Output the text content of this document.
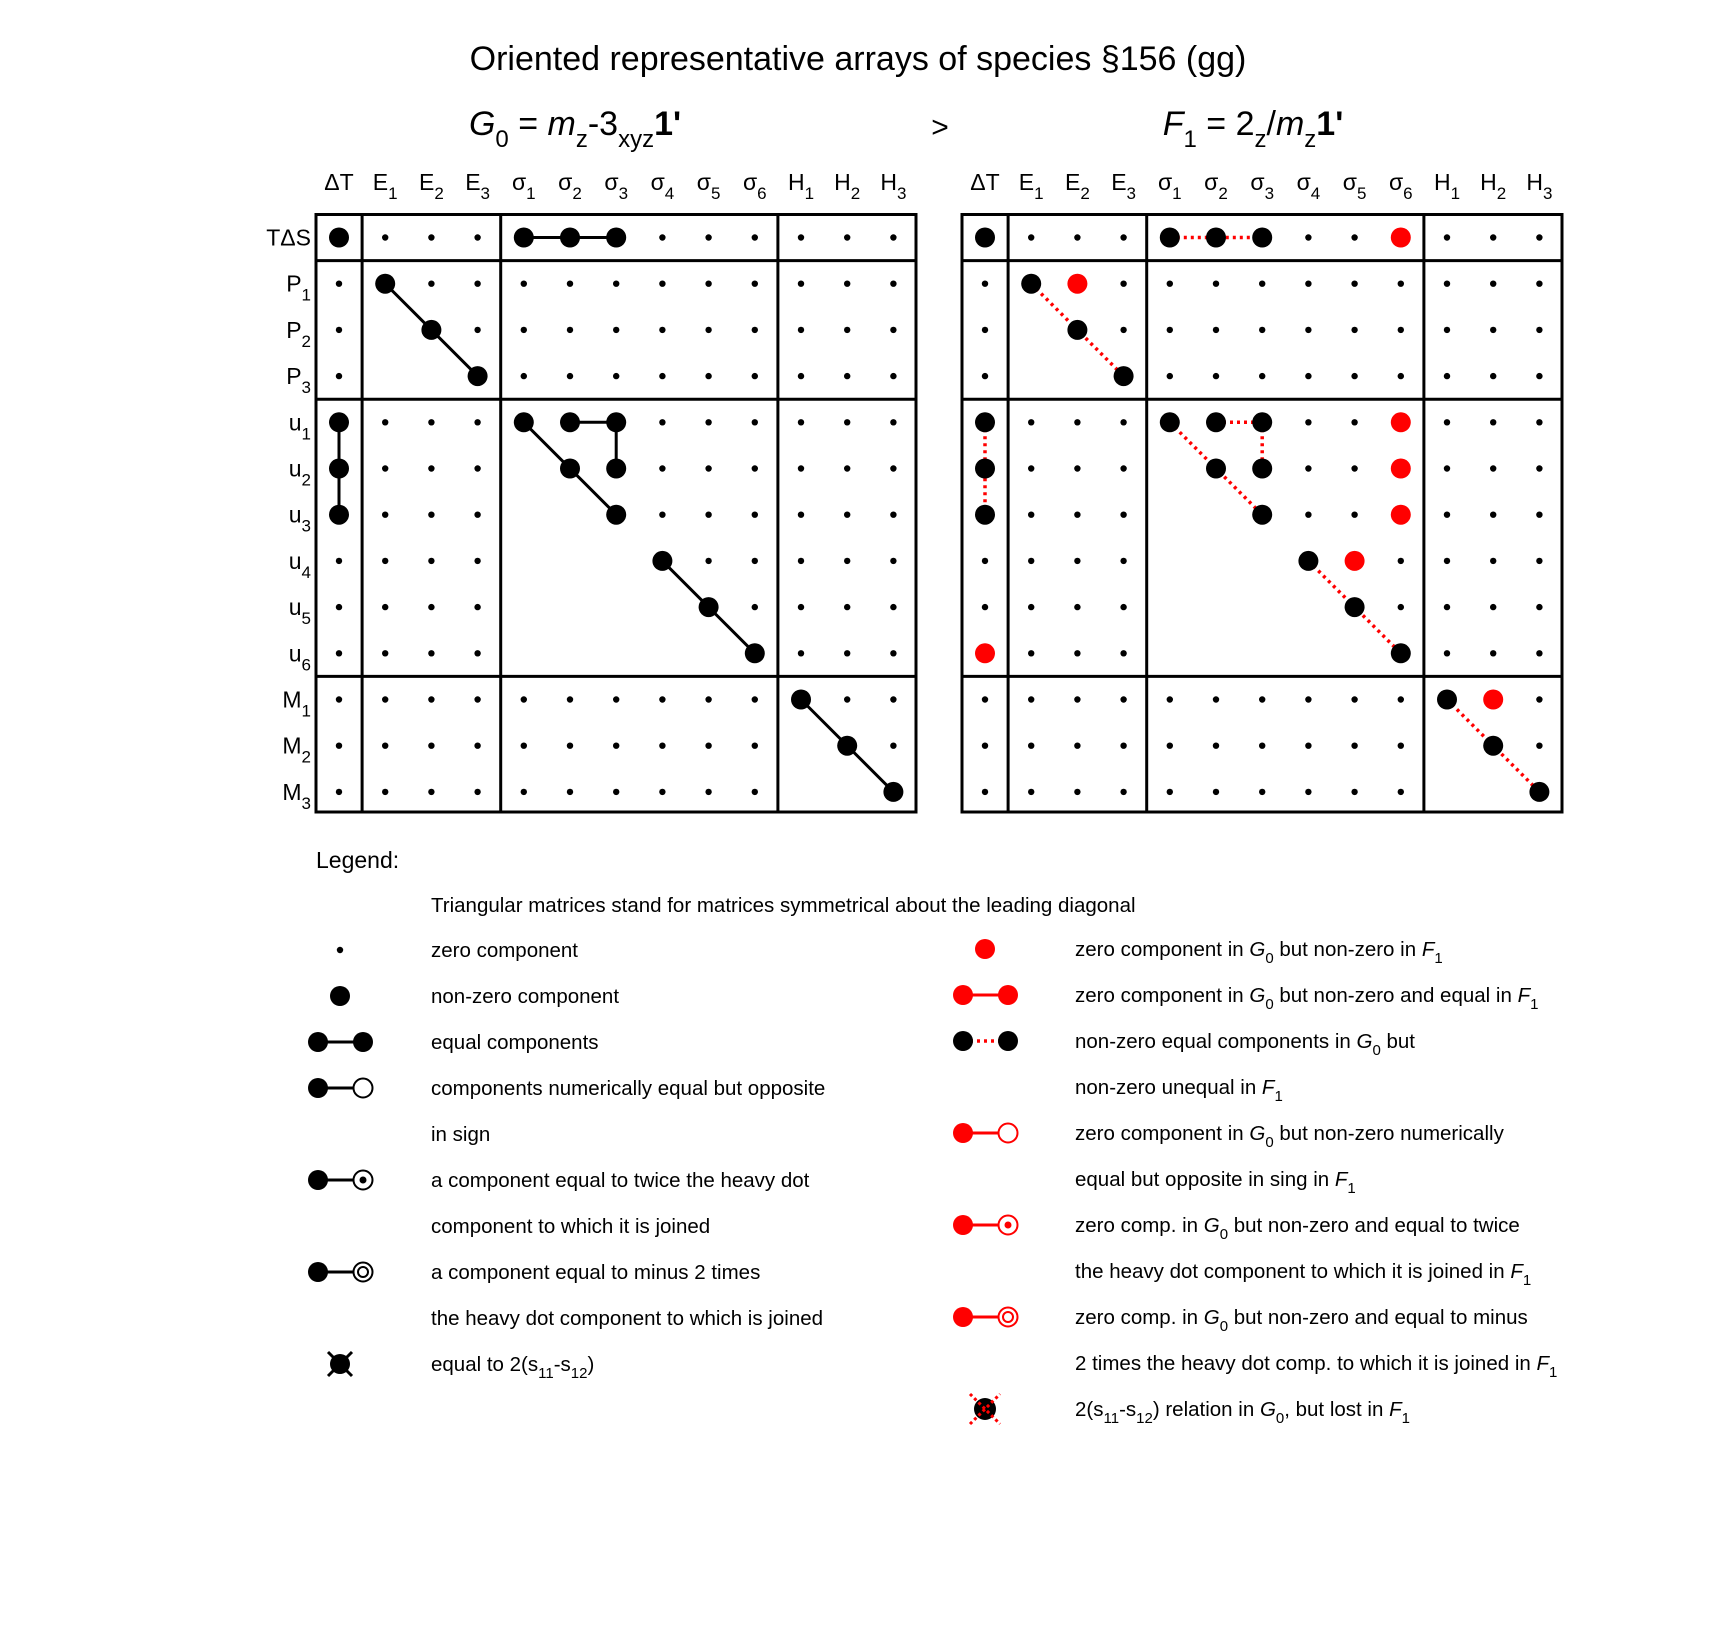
Oriented representative arrays of species §156 (gg)
$G_0 = m_z-3_{xyz}1'$	>	$F_1 = 2_z/m_z1'$
ΔT $E_1$ $E_2$ $E_3$ $\sigma_1$ $\sigma_2$ $\sigma_3$ $\sigma_4$ $\sigma_5$ $\sigma_6$ $H_1$ $H_2$ $H_3$
TΔS
$P_1$
$P_2$
$P_3$
$u_1$
$u_2$
$u_3$
$u_4$
$u_5$
$u_6$
$M_1$
$M_2$
$M_3$
ΔT $E_1$ $E_2$ $E_3$ $\sigma_1$ $\sigma_2$ $\sigma_3$ $\sigma_4$ $\sigma_5$ $\sigma_6$ $H_1$ $H_2$ $H_3$
Legend:
Triangular matrices stand for matrices symmetrical about the leading diagonal
zero component
non-zero component
equal components
components numerically equal but opposite
in sign
a component equal to twice the heavy dot
component to which it is joined
a component equal to minus 2 times
the heavy dot component to which is joined
equal to $2(s_{11}-s_{12})$
zero component in $G_0$ but non-zero in $F_1$
zero component in $G_0$ but non-zero and equal in $F_1$
non-zero equal components in $G_0$ but
non-zero unequal in $F_1$
zero component in $G_0$ but non-zero numerically
equal but opposite in sing in $F_1$
zero comp. in $G_0$ but non-zero and equal to twice
the heavy dot component to which it is joined in $F_1$
zero comp. in $G_0$ but non-zero and equal to minus
2 times the heavy dot comp. to which it is joined in $F_1$
$2(s_{11}-s_{12})$ relation in $G_0$, but lost in $F_1$
